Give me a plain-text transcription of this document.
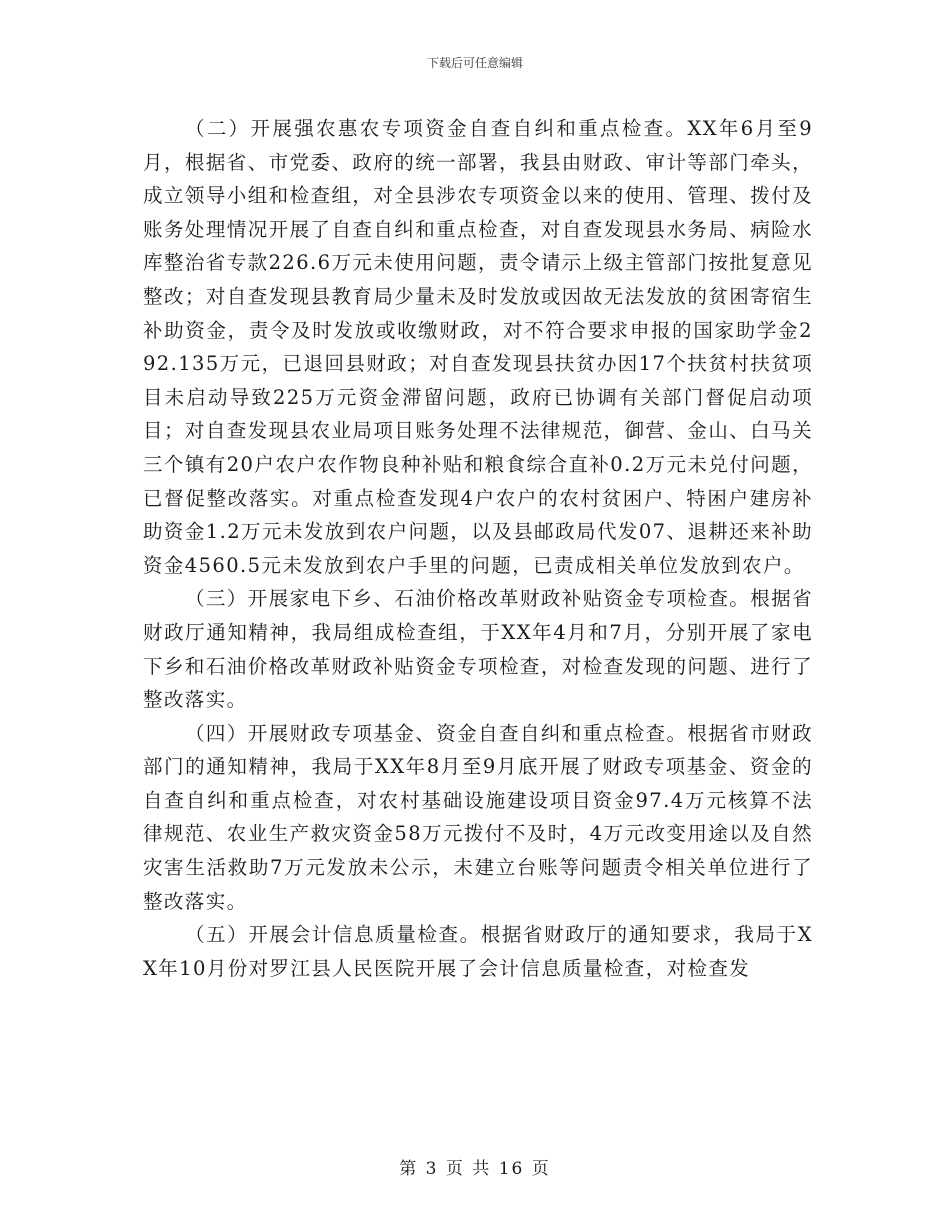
下载后可任意编辑

（二）开展强农惠农专项资金自查自纠和重点检查。XX年6月至9月，根据省、市党委、政府的统一部署，我县由财政、审计等部门牵头，成立领导小组和检查组，对全县涉农专项资金以来的使用、管理、拨付及账务处理情况开展了自查自纠和重点检查，对自查发现县水务局、病险水库整治省专款226.6万元未使用问题，责令请示上级主管部门按批复意见整改；对自查发现县教育局少量未及时发放或因故无法发放的贫困寄宿生补助资金，责令及时发放或收缴财政，对不符合要求申报的国家助学金292.135万元，已退回县财政；对自查发现县扶贫办因17个扶贫村扶贫项目未启动导致225万元资金滞留问题，政府已协调有关部门督促启动项目；对自查发现县农业局项目账务处理不法律规范，御营、金山、白马关三个镇有20户农户农作物良种补贴和粮食综合直补0.2万元未兑付问题，已督促整改落实。对重点检查发现4户农户的农村贫困户、特困户建房补助资金1.2万元未发放到农户问题，以及县邮政局代发07、退耕还来补助资金4560.5元未发放到农户手里的问题，已责成相关单位发放到农户。

（三）开展家电下乡、石油价格改革财政补贴资金专项检查。根据省财政厅通知精神，我局组成检查组，于XX年4月和7月，分别开展了家电下乡和石油价格改革财政补贴资金专项检查，对检查发现的问题、进行了整改落实。

（四）开展财政专项基金、资金自查自纠和重点检查。根据省市财政部门的通知精神，我局于XX年8月至9月底开展了财政专项基金、资金的自查自纠和重点检查，对农村基础设施建设项目资金97.4万元核算不法律规范、农业生产救灾资金58万元拨付不及时，4万元改变用途以及自然灾害生活救助7万元发放未公示，未建立台账等问题责令相关单位进行了整改落实。

（五）开展会计信息质量检查。根据省财政厅的通知要求，我局于XX年10月份对罗江县人民医院开展了会计信息质量检查，对检查发

第 3 页 共 16 页
